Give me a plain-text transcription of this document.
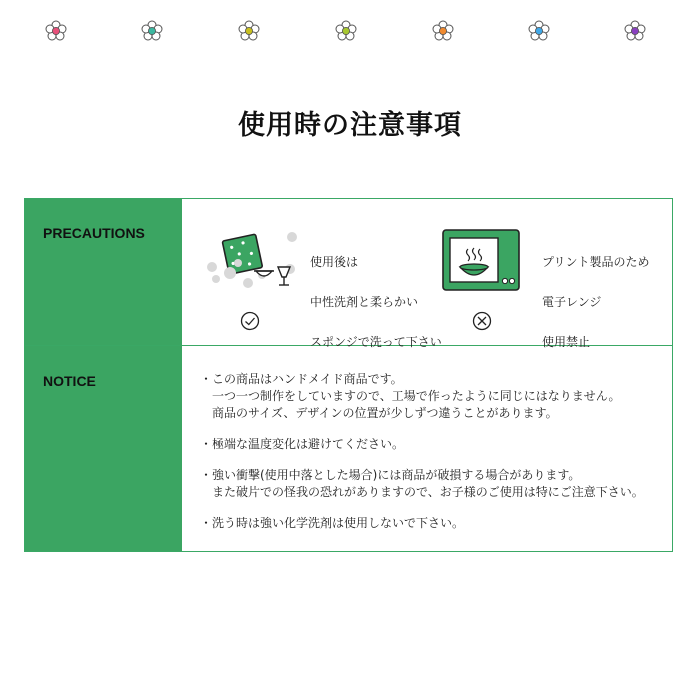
使用時の注意事項
PRECAUTIONS

使用後は

中性洗剤と柔らかい

スポンジで洗って下さい

プリント製品のため

電子レンジ

使用禁止

NOTICE	・この商品はハンドメイド商品です。
一つ一つ制作をしていますので、工場で作ったように同じにはなりません。
商品のサイズ、デザインの位置が少しずつ違うことがあります。
・極端な温度変化は避けてください。
・強い衝撃(使用中落とした場合)には商品が破損する場合があります。
また破片での怪我の恐れがありますので、お子様のご使用は特にご注意下さい。
・洗う時は強い化学洗剤は使用しないで下さい。
